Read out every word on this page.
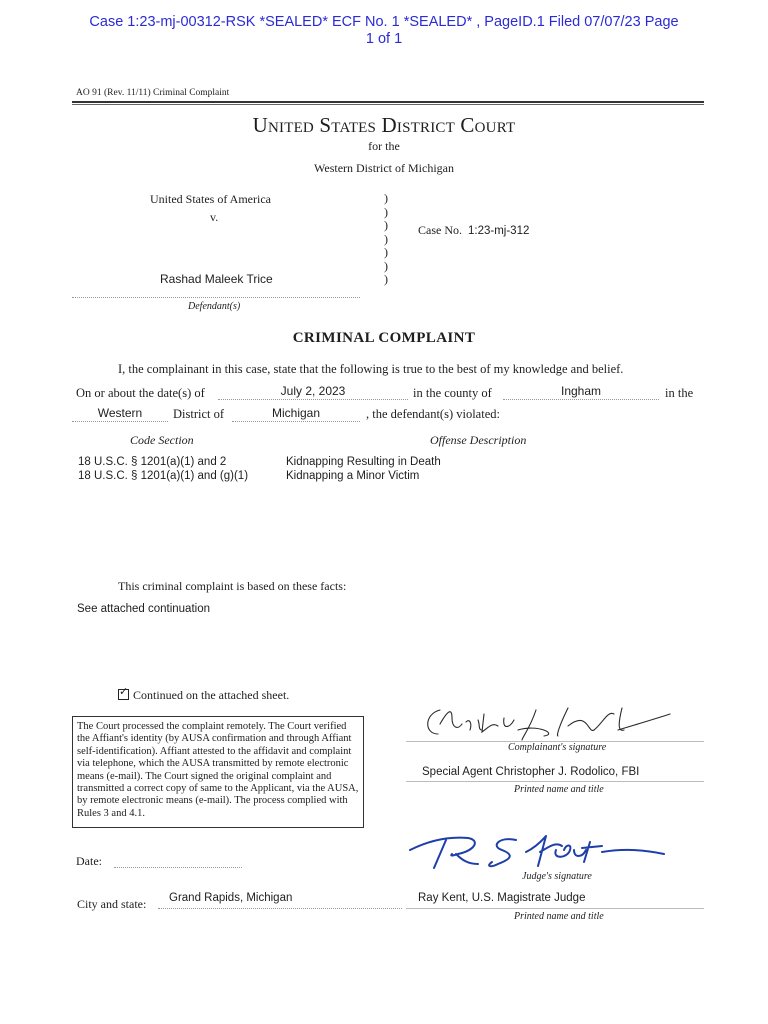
Case 1:23-mj-00312-RSK *SEALED* ECF No. 1 *SEALED* , PageID.1 Filed 07/07/23 Page
1 of 1
AO 91 (Rev. 11/11) Criminal Complaint
United States District Court
for the
Western District of Michigan
United States of America
v.
)
)
)
)
)
)
)
Case No. 1:23-mj-312
Rashad Maleek Trice
Defendant(s)
CRIMINAL COMPLAINT
I, the complainant in this case, state that the following is true to the best of my knowledge and belief.
On or about the date(s) of	July 2, 2023	in the county of	Ingham	in the
Western	District of	Michigan	, the defendant(s) violated:
Code Section	Offense Description
18 U.S.C. § 1201(a)(1) and 2	Kidnapping Resulting in Death
18 U.S.C. § 1201(a)(1) and (g)(1)	Kidnapping a Minor Victim
This criminal complaint is based on these facts:
See attached continuation
✓Continued on the attached sheet.
The Court processed the complaint remotely. The Court verified the Affiant's identity (by AUSA confirmation and through Affiant self-identification). Affiant attested to the affidavit and complaint via telephone, which the AUSA transmitted by remote electronic means (e-mail). The Court signed the original complaint and transmitted a correct copy of same to the Applicant, via the AUSA, by remote electronic means (e-mail). The process complied with Rules 3 and 4.1.
Complainant's signature
Special Agent Christopher J. Rodolico, FBI
Printed name and title
Judge's signature
Date:
City and state: Grand Rapids, Michigan	Ray Kent, U.S. Magistrate Judge
Printed name and title
